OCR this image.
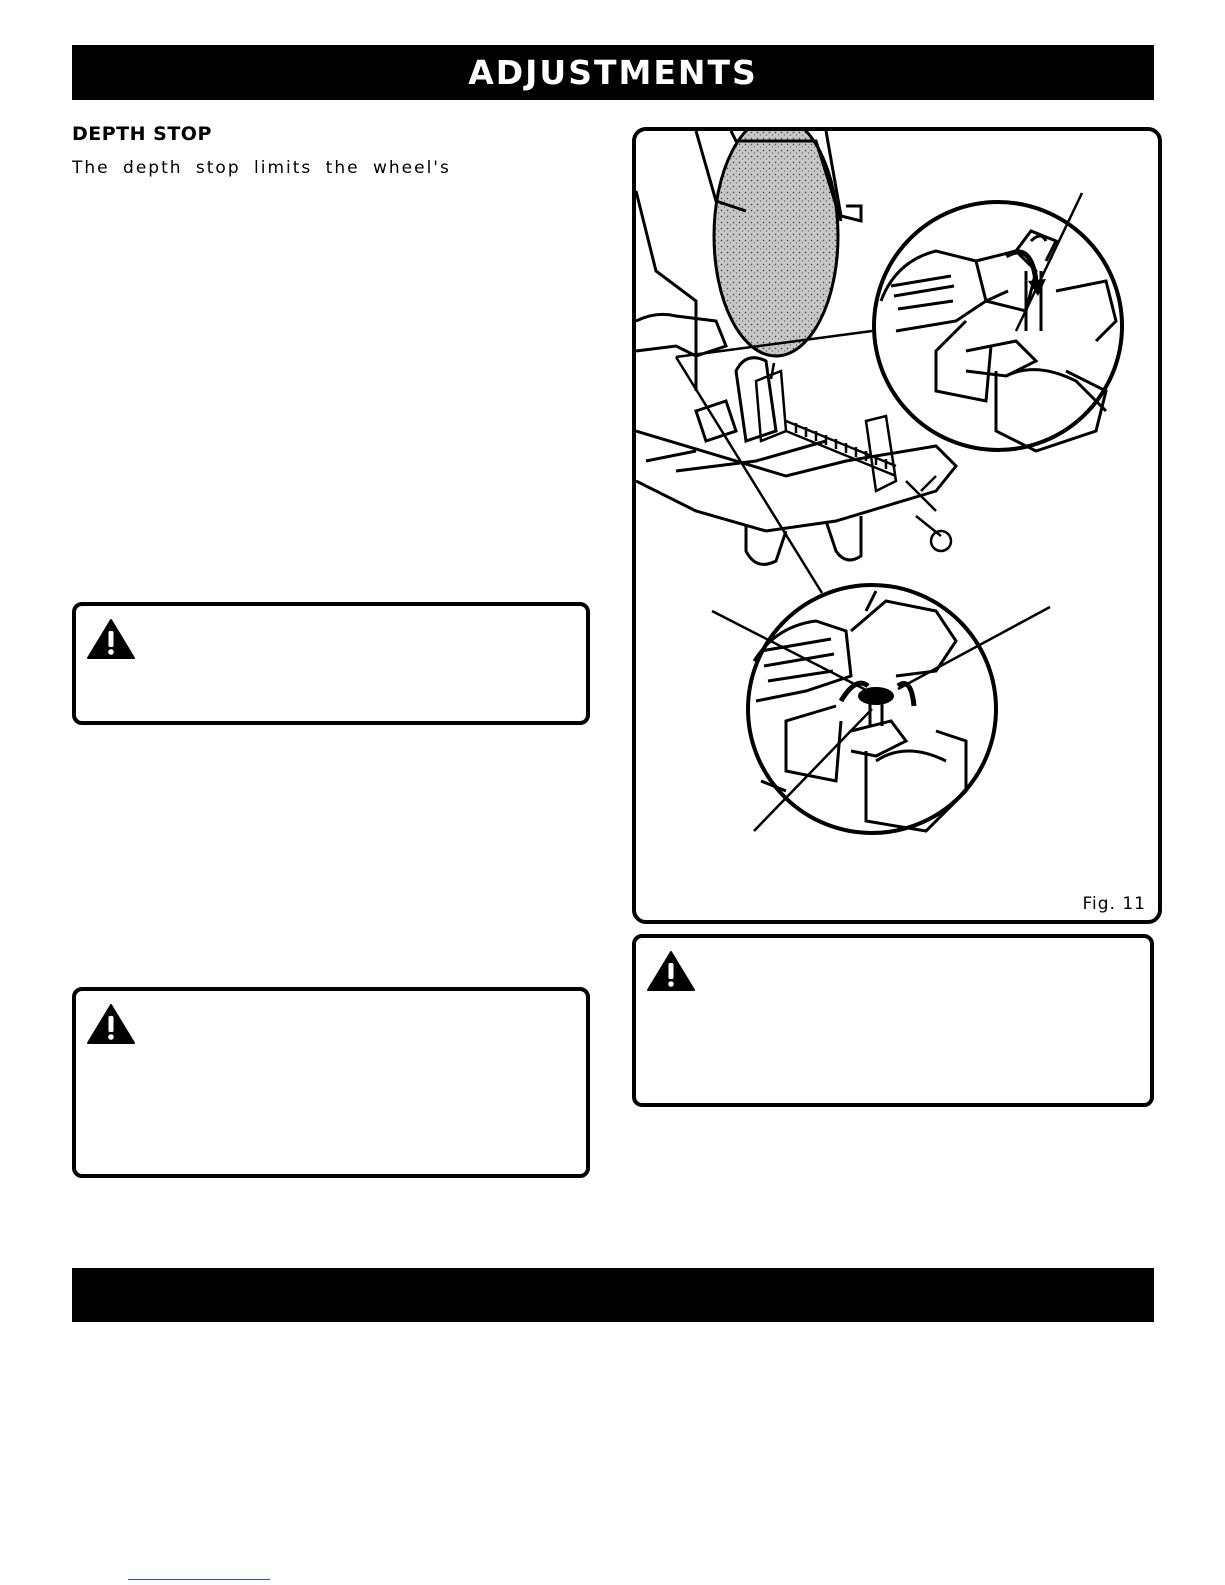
ADJUSTMENTS
DEPTH STOP

The depth stop limits the wheel's

Fig. 11
